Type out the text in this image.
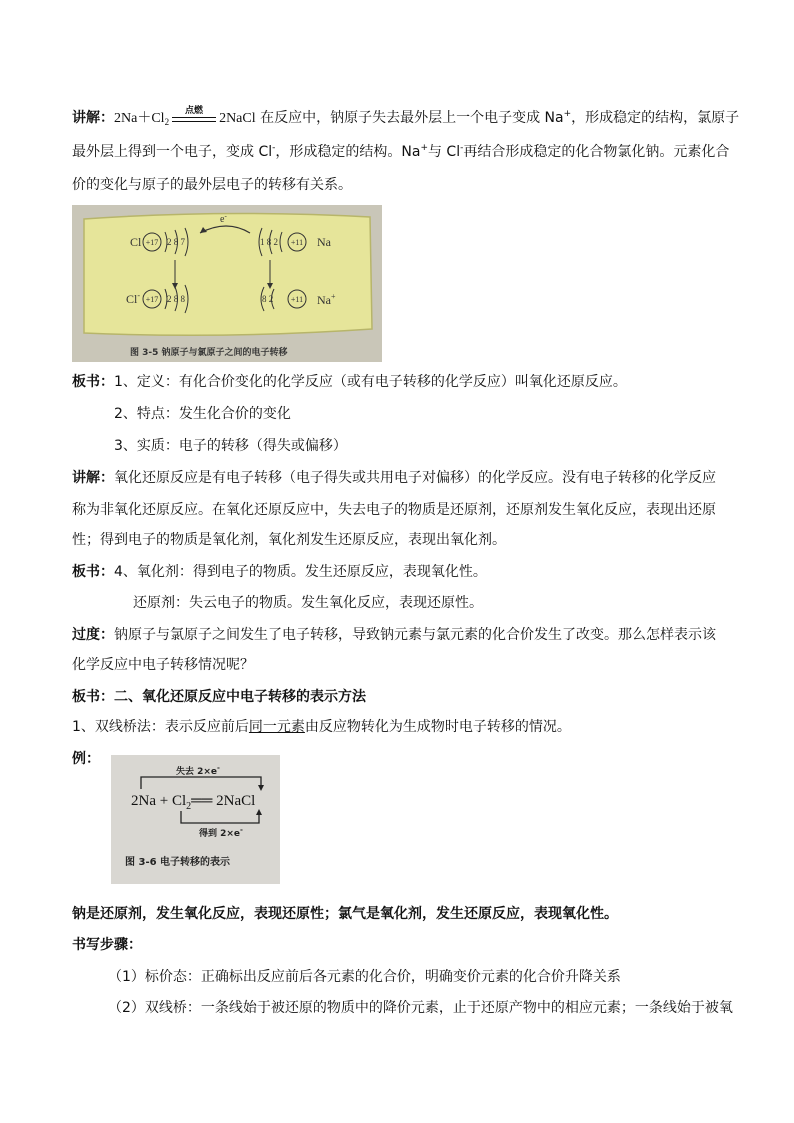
讲解：$2Na+Cl_2$
点燃	2NaCl 在反应中，钠原子失去最外层上一个电子变成 Na+，形成稳定的结构，氯原子
最外层上得到一个电子，变成 Cl-，形成稳定的结构。Na+与 Cl-再结合形成稳定的化合物氯化钠。元素化合
价的变化与原子的最外层电子的转移有关系。
Cl +17 2 8 7
e-
1 8 2 +11 Na
Cl- +17 2 8 8	8 2 +11 Na+
图 3-5 钠原子与氯原子之间的电子转移
板书：1、定义：有化合价变化的化学反应（或有电子转移的化学反应）叫氧化还原反应。
2、特点：发生化合价的变化
3、实质：电子的转移（得失或偏移）
讲解：氧化还原反应是有电子转移（电子得失或共用电子对偏移）的化学反应。没有电子转移的化学反应
称为非氧化还原反应。在氧化还原反应中，失去电子的物质是还原剂，还原剂发生氧化反应，表现出还原
性；得到电子的物质是氧化剂，氧化剂发生还原反应，表现出氧化剂。
板书：4、氧化剂：得到电子的物质。发生还原反应，表现氧化性。
还原剂：失云电子的物质。发生氧化反应，表现还原性。
过度：钠原子与氯原子之间发生了电子转移，导致钠元素与氯元素的化合价发生了改变。那么怎样表示该
化学反应中电子转移情况呢？
板书：二、氧化还原反应中电子转移的表示方法
1、双线桥法：表示反应前后同一元素由反应物转化为生成物时电子转移的情况。
例：
失去 2×e-
$2Na + Cl_2══$ 2NaCl
得到 2×e-
图 3-6 电子转移的表示
钠是还原剂，发生氧化反应，表现还原性；氯气是氧化剂，发生还原反应，表现氧化性。
书写步骤：
（1）标价态：正确标出反应前后各元素的化合价，明确变价元素的化合价升降关系
（2）双线桥：一条线始于被还原的物质中的降价元素，止于还原产物中的相应元素；一条线始于被氧
